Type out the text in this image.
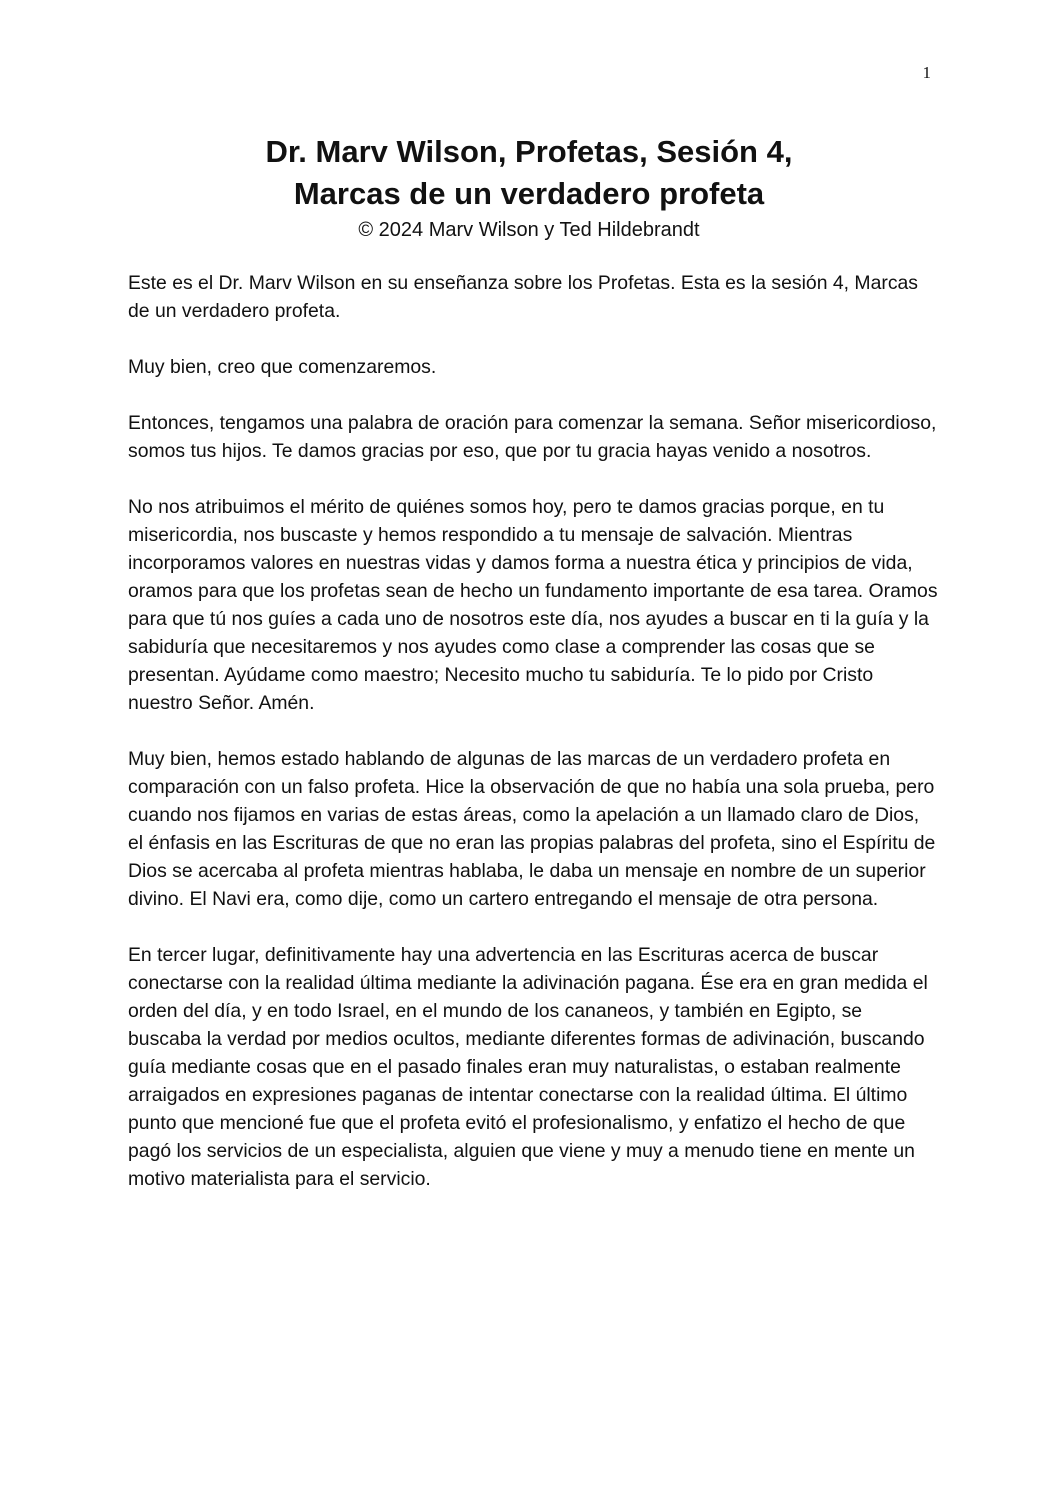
1

Dr. Marv Wilson, Profetas, Sesión 4,

Marcas de un verdadero profeta

© 2024 Marv Wilson y Ted Hildebrandt

Este es el Dr. Marv Wilson en su enseñanza sobre los Profetas. Esta es la sesión 4, Marcas de un verdadero profeta.

Muy bien, creo que comenzaremos.

Entonces, tengamos una palabra de oración para comenzar la semana. Señor misericordioso, somos tus hijos. Te damos gracias por eso, que por tu gracia hayas venido a nosotros.

No nos atribuimos el mérito de quiénes somos hoy, pero te damos gracias porque, en tu misericordia, nos buscaste y hemos respondido a tu mensaje de salvación. Mientras incorporamos valores en nuestras vidas y damos forma a nuestra ética y principios de vida, oramos para que los profetas sean de hecho un fundamento importante de esa tarea. Oramos para que tú nos guíes a cada uno de nosotros este día, nos ayudes a buscar en ti la guía y la sabiduría que necesitaremos y nos ayudes como clase a comprender las cosas que se presentan. Ayúdame como maestro; Necesito mucho tu sabiduría. Te lo pido por Cristo nuestro Señor. Amén.

Muy bien, hemos estado hablando de algunas de las marcas de un verdadero profeta en comparación con un falso profeta. Hice la observación de que no había una sola prueba, pero cuando nos fijamos en varias de estas áreas, como la apelación a un llamado claro de Dios, el énfasis en las Escrituras de que no eran las propias palabras del profeta, sino el Espíritu de Dios se acercaba al profeta mientras hablaba, le daba un mensaje en nombre de un superior divino. El Navi era, como dije, como un cartero entregando el mensaje de otra persona.

En tercer lugar, definitivamente hay una advertencia en las Escrituras acerca de buscar conectarse con la realidad última mediante la adivinación pagana. Ése era en gran medida el orden del día, y en todo Israel, en el mundo de los cananeos, y también en Egipto, se buscaba la verdad por medios ocultos, mediante diferentes formas de adivinación, buscando guía mediante cosas que en el pasado finales eran muy naturalistas, o estaban realmente arraigados en expresiones paganas de intentar conectarse con la realidad última. El último punto que mencioné fue que el profeta evitó el profesionalismo, y enfatizo el hecho de que pagó los servicios de un especialista, alguien que viene y muy a menudo tiene en mente un motivo materialista para el servicio.
